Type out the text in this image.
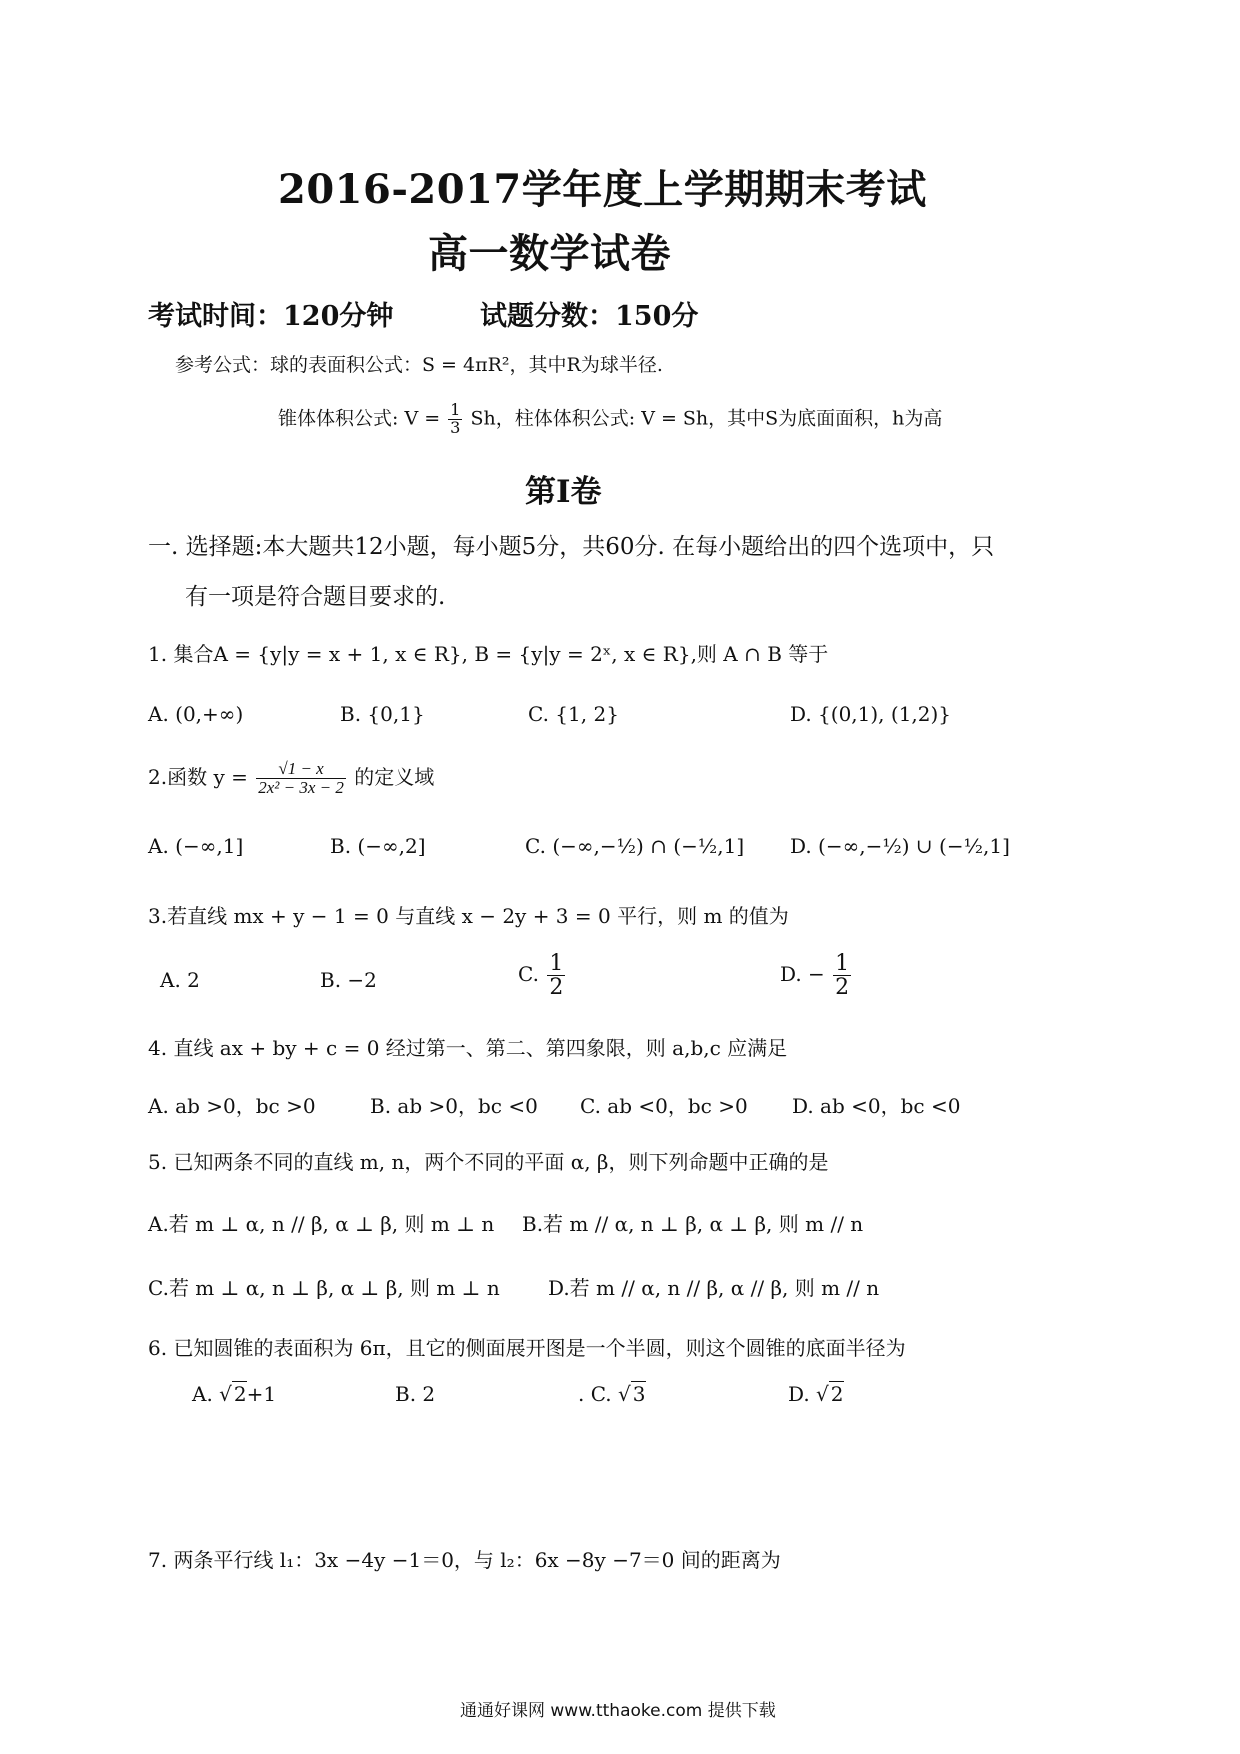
2016-2017学年度上学期期末考试
高一数学试卷
考试时间：120分钟	试题分数：150分
参考公式：球的表面积公式：S = 4πR²，其中R为球半径.
锥体体积公式: $V = \frac{1}{3}$ Sh，柱体体积公式: V = Sh，其中S为底面面积，h为高
第Ⅰ卷
一. 选择题:本大题共12小题，每小题5分，共60分. 在每小题给出的四个选项中，只
有一项是符合题目要求的.
1. 集合A = {y|y = x + 1, x ∈ R}, B = {y|y = 2ˣ, x ∈ R},则 A ∩ B 等于
A. (0,+∞)	B. {0,1}	C. {1, 2}	D. {(0,1), (1,2)}
2.函数 $y = \frac{√1 - x}{\text{2x² − 3x − 2}}$ 的定义域
A. (−∞,1]	B. (−∞,2]	C. (−∞,−½) ∩ (−½,1] D. (−∞,−½) ∪ (−½,1]
3.若直线 mx + y − 1 = 0 与直线 x − 2y + 3 = 0 平行，则 m 的值为
A. 2	B. −2	C. $\frac{1}{2}$	D. − $\frac{1}{2}$
4. 直线 ax + by + c = 0 经过第一、第二、第四象限，则 a,b,c 应满足
A. ab >0，bc >0	B. ab >0，bc <0 C. ab <0，bc >0 D. ab <0，bc <0
5. 已知两条不同的直线 m, n，两个不同的平面 α, β，则下列命题中正确的是
A.若 m ⊥ α, n // β, α ⊥ β, 则 m ⊥ n B.若 m // α, n ⊥ β, α ⊥ β, 则 m // n
C.若 m ⊥ α, n ⊥ β, α ⊥ β, 则 m ⊥ n D.若 m // α, n // β, α // β, 则 m // n
6. 已知圆锥的表面积为 6π，且它的侧面展开图是一个半圆，则这个圆锥的底面半径为
A. √ 2+1	B. 2	. C. √ 3	D. √ 2
7. 两条平行线 l₁：3x −4y −1＝0，与 l₂：6x −8y −7＝0 间的距离为
通通好课网 www.tthaoke.com 提供下载
